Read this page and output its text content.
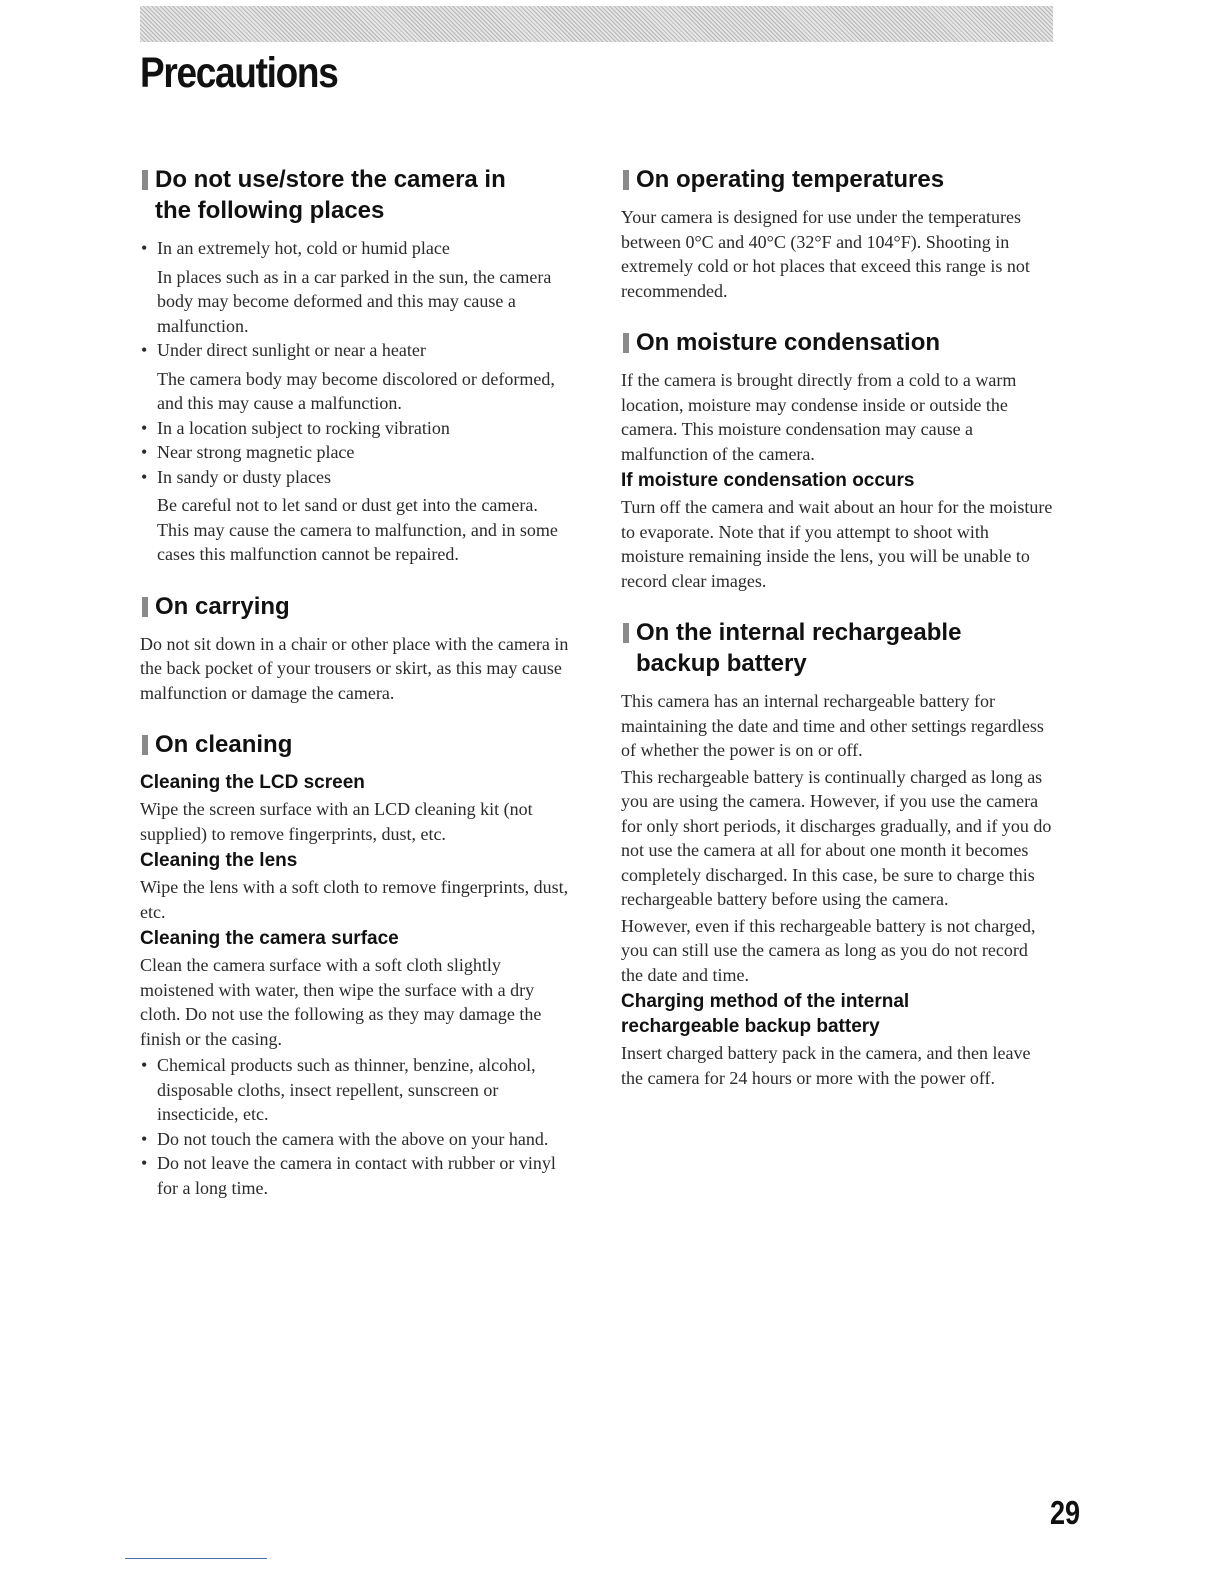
Precautions
Do not use/store the camera in
the following places
• In an extremely hot, cold or humid place
In places such as in a car parked in the sun, the camera body may become deformed and this may cause a malfunction.
• Under direct sunlight or near a heater
The camera body may become discolored or deformed, and this may cause a malfunction.
• In a location subject to rocking vibration
• Near strong magnetic place
• In sandy or dusty places
Be careful not to let sand or dust get into the camera. This may cause the camera to malfunction, and in some cases this malfunction cannot be repaired.
On carrying

Do not sit down in a chair or other place with the camera in the back pocket of your trousers or skirt, as this may cause malfunction or damage the camera.

On cleaning
Cleaning the LCD screen

Wipe the screen surface with an LCD cleaning kit (not supplied) to remove fingerprints, dust, etc.

Cleaning the lens

Wipe the lens with a soft cloth to remove fingerprints, dust, etc.

Cleaning the camera surface

Clean the camera surface with a soft cloth slightly moistened with water, then wipe the surface with a dry cloth. Do not use the following as they may damage the finish or the casing.

• Chemical products such as thinner, benzine, alcohol, disposable cloths, insect repellent, sunscreen or insecticide, etc.
• Do not touch the camera with the above on your hand.
• Do not leave the camera in contact with rubber or vinyl for a long time.
On operating temperatures

Your camera is designed for use under the temperatures between 0°C and 40°C (32°F and 104°F). Shooting in extremely cold or hot places that exceed this range is not recommended.

On moisture condensation

If the camera is brought directly from a cold to a warm location, moisture may condense inside or outside the camera. This moisture condensation may cause a malfunction of the camera.

If moisture condensation occurs

Turn off the camera and wait about an hour for the moisture to evaporate. Note that if you attempt to shoot with moisture remaining inside the lens, you will be unable to record clear images.

On the internal rechargeable
backup battery

This camera has an internal rechargeable battery for maintaining the date and time and other settings regardless of whether the power is on or off.

This rechargeable battery is continually charged as long as you are using the camera. However, if you use the camera for only short periods, it discharges gradually, and if you do not use the camera at all for about one month it becomes completely discharged. In this case, be sure to charge this rechargeable battery before using the camera.

However, even if this rechargeable battery is not charged, you can still use the camera as long as you do not record the date and time.

Charging method of the internal
rechargeable backup battery

Insert charged battery pack in the camera, and then leave the camera for 24 hours or more with the power off.

29
